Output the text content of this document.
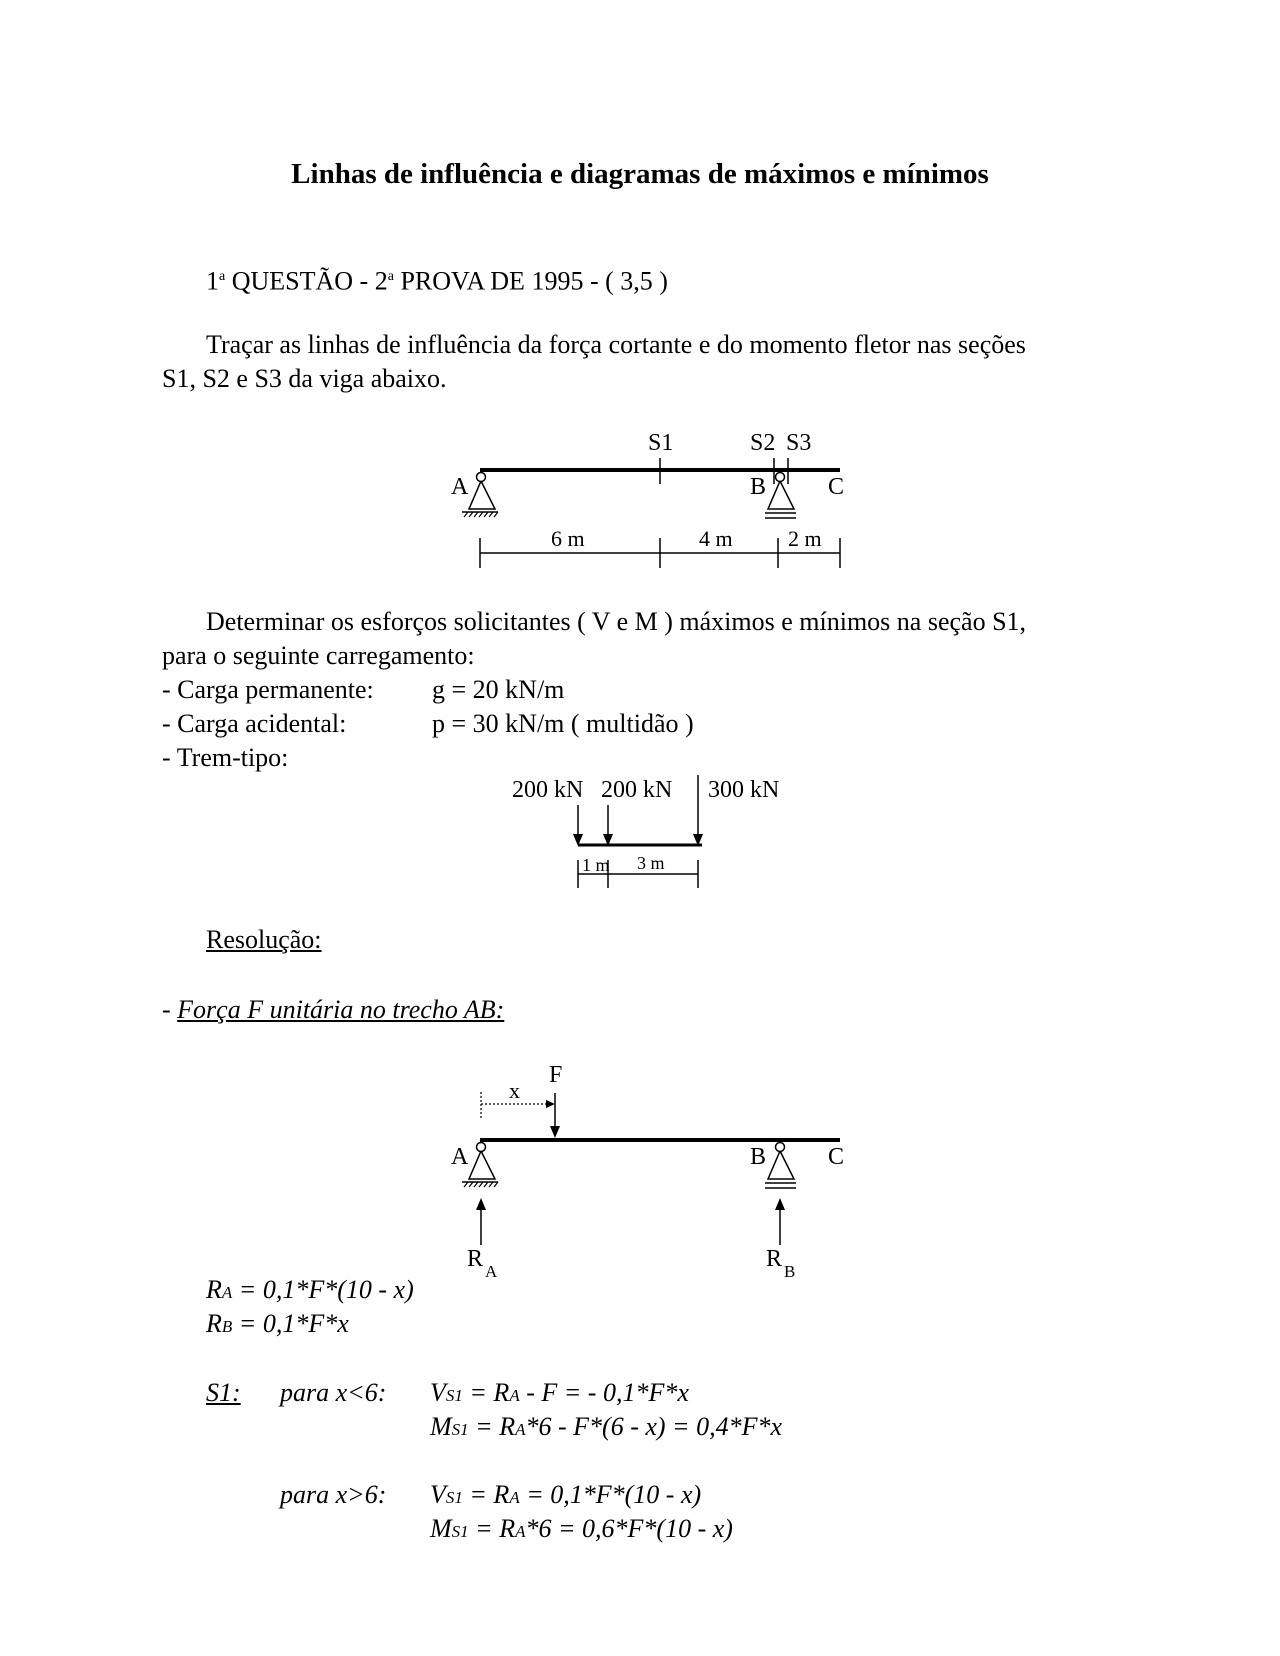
Linhas de influência e diagramas de máximos e mínimos
1$^a$ QUESTÃO - 2$^a$ PROVA DE 1995 - ( 3,5 )
Traçar as linhas de influência da força cortante e do momento fletor nas seções
S1, S2 e S3 da viga abaixo.
A	B	C
S1	S2 S3
6 m	4 m	2 m
200 kN 200 kN 300 kN
1 m 3 m
F
x
A	B	C
R A	R B
Determinar os esforços solicitantes ( V e M ) máximos e mínimos na seção S1,
para o seguinte carregamento:
- Carga permanente: g = 20 kN/m
- Carga acidental:	p = 30 kN/m ( multidão )
- Trem-tipo:
Resolução:
- Força F unitária no trecho AB:
RA = 0,1*F*(10 - x)
RB = 0,1*F*x
S1: para x<6: VS1 = RA - F = - 0,1*F*x
MS1 = RA*6 - F*(6 - x) = 0,4*F*x
para x>6: VS1 = RA = 0,1*F*(10 - x)
MS1 = RA*6 = 0,6*F*(10 - x)
